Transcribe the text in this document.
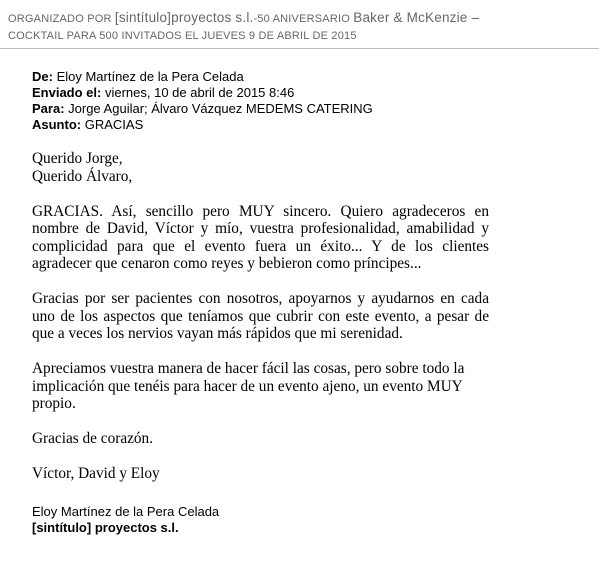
ORGANIZADO POR [sintítulo]proyectos s.l.-50 ANIVERSARIO Baker & McKenzie –
COCKTAIL PARA 500 INVITADOS EL JUEVES 9 DE ABRIL DE 2015
De: Eloy Martínez de la Pera Celada
Enviado el: viernes, 10 de abril de 2015 8:46
Para: Jorge Aguilar; Álvaro Vázquez MEDEMS CATERING
Asunto: GRACIAS

Querido Jorge,

Querido Álvaro,

GRACIAS. Así, sencillo pero MUY sincero. Quiero agradeceros en nombre de David, Víctor y mío, vuestra profesionalidad, amabilidad y complicidad para que el evento fuera un éxito... Y de los clientes agradecer que cenaron como reyes y bebieron como príncipes...

Gracias por ser pacientes con nosotros, apoyarnos y ayudarnos en cada uno de los aspectos que teníamos que cubrir con este evento, a pesar de que a veces los nervios vayan más rápidos que mi serenidad.

Apreciamos vuestra manera de hacer fácil las cosas, pero sobre todo la implicación que tenéis para hacer de un evento ajeno, un evento MUY propio.

Gracias de corazón.

Víctor, David y Eloy

Eloy Martínez de la Pera Celada
[sintítulo] proyectos s.l.
